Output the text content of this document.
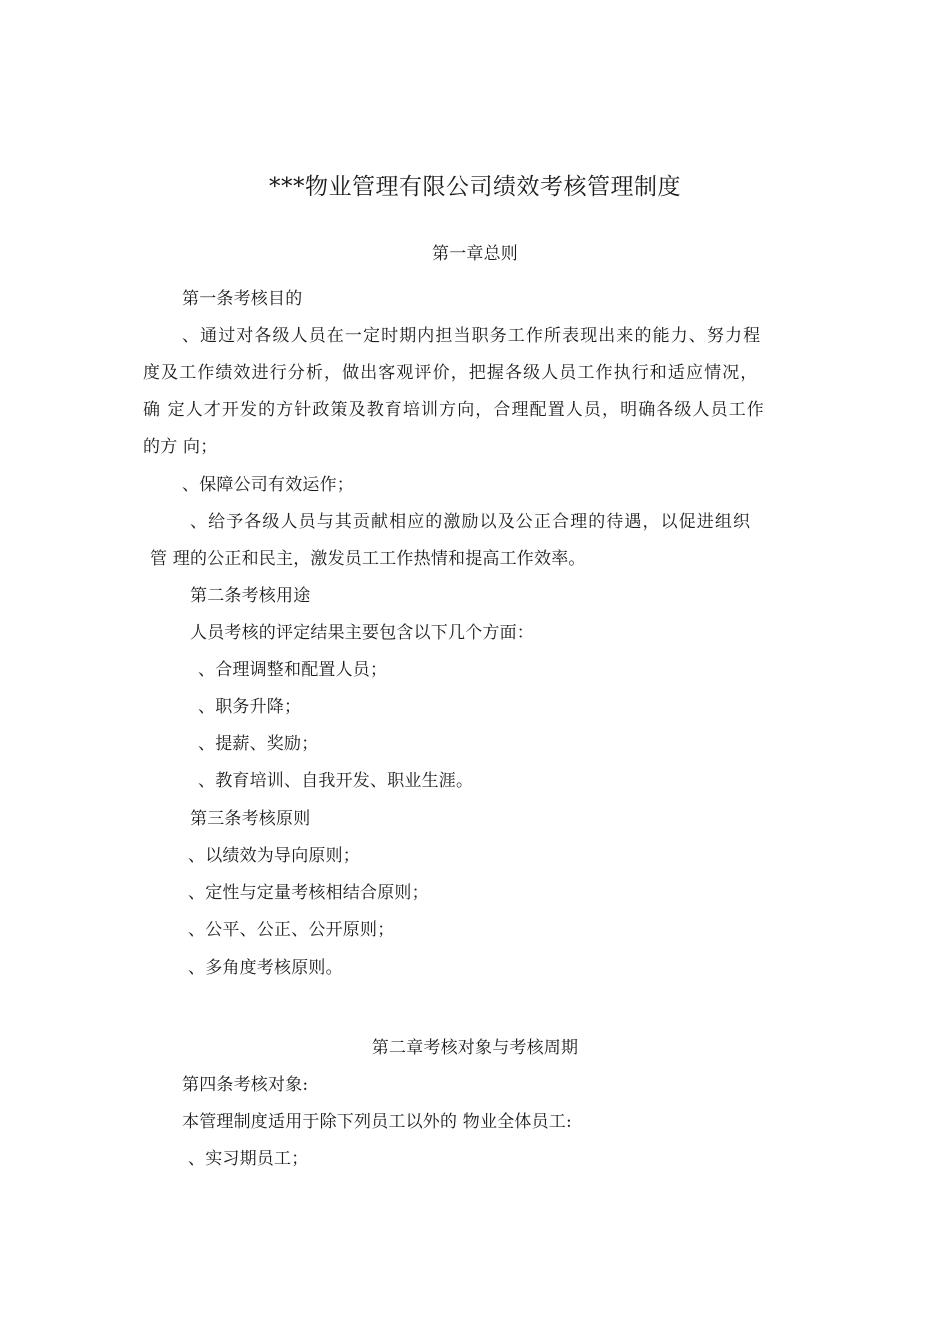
***物业管理有限公司绩效考核管理制度
第一章总则
第一条考核目的
、通过对各级人员在一定时期内担当职务工作所表现出来的能力、努力程
度及工作绩效进行分析，做出客观评价，把握各级人员工作执行和适应情况，
确 定人才开发的方针政策及教育培训方向，合理配置人员，明确各级人员工作
的方 向；
、保障公司有效运作；
、给予各级人员与其贡献相应的激励以及公正合理的待遇，以促进组织
管 理的公正和民主，激发员工工作热情和提高工作效率。
第二条考核用途
人员考核的评定结果主要包含以下几个方面：
、合理调整和配置人员；
、职务升降；
、提薪、奖励；
、教育培训、自我开发、职业生涯。
第三条考核原则
、以绩效为导向原则；
、定性与定量考核相结合原则；
、公平、公正、公开原则；
、多角度考核原则。
第二章考核对象与考核周期
第四条考核对象:
本管理制度适用于除下列员工以外的 物业全体员工:
、实习期员工；
